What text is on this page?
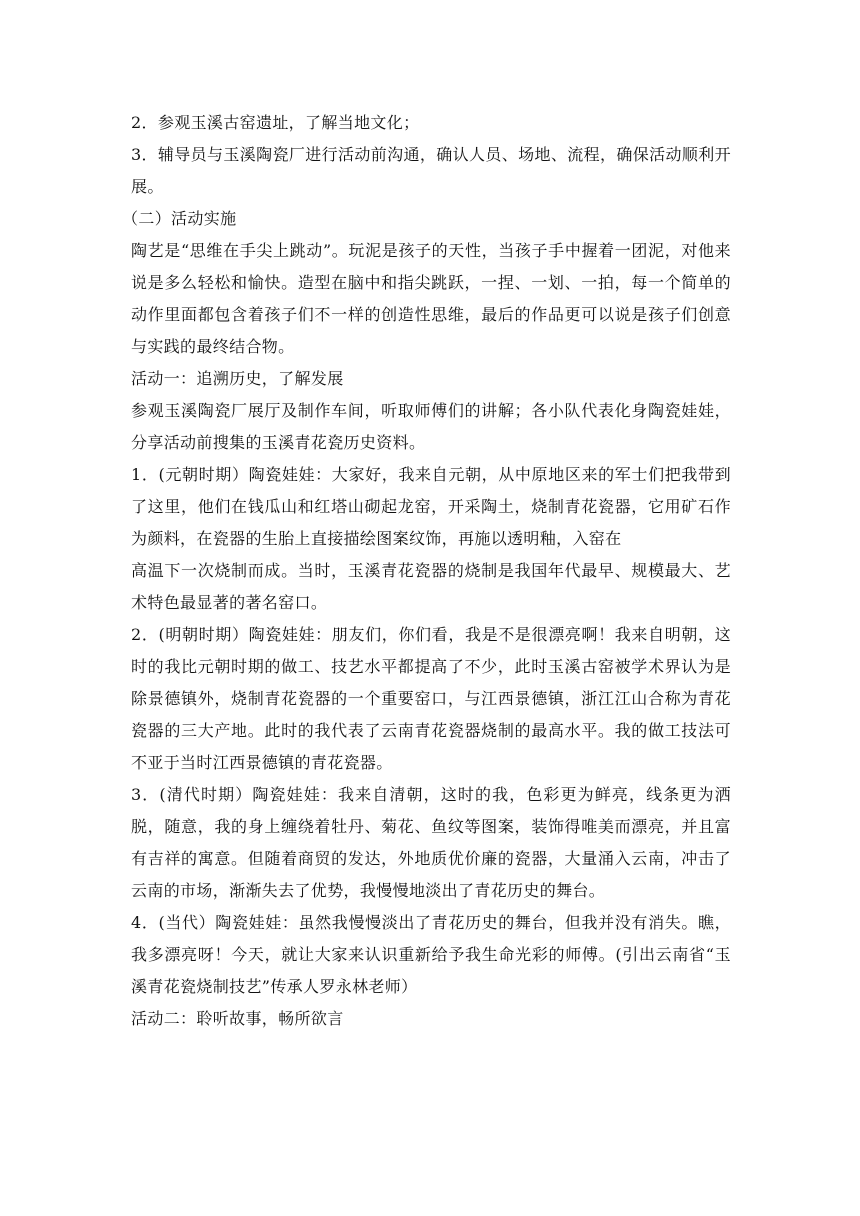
2．参观玉溪古窑遗址，了解当地文化；

3．辅导员与玉溪陶瓷厂进行活动前沟通，确认人员、场地、流程，确保活动顺利开展。

（二）活动实施

陶艺是“思维在手尖上跳动”。玩泥是孩子的天性，当孩子手中握着一团泥，对他来说是多么轻松和愉快。造型在脑中和指尖跳跃，一捏、一划、一拍，每一个简单的动作里面都包含着孩子们不一样的创造性思维，最后的作品更可以说是孩子们创意与实践的最终结合物。

活动一：追溯历史，了解发展

参观玉溪陶瓷厂展厅及制作车间，听取师傅们的讲解；各小队代表化身陶瓷娃娃，分享活动前搜集的玉溪青花瓷历史资料。

1．(元朝时期）陶瓷娃娃：大家好，我来自元朝，从中原地区来的军士们把我带到了这里，他们在钱瓜山和红塔山砌起龙窑，开采陶土，烧制青花瓷器，它用矿石作为颜料，在瓷器的生胎上直接描绘图案纹饰，再施以透明釉，入窑在

高温下一次烧制而成。当时，玉溪青花瓷器的烧制是我国年代最早、规模最大、艺术特色最显著的著名窑口。

2．(明朝时期）陶瓷娃娃：朋友们，你们看，我是不是很漂亮啊！我来自明朝，这时的我比元朝时期的做工、技艺水平都提高了不少，此时玉溪古窑被学术界认为是除景德镇外，烧制青花瓷器的一个重要窑口，与江西景德镇，浙江江山合称为青花瓷器的三大产地。此时的我代表了云南青花瓷器烧制的最高水平。我的做工技法可不亚于当时江西景德镇的青花瓷器。

3．(清代时期）陶瓷娃娃：我来自清朝，这时的我，色彩更为鲜亮，线条更为洒脱，随意，我的身上缠绕着牡丹、菊花、鱼纹等图案，装饰得唯美而漂亮，并且富有吉祥的寓意。但随着商贸的发达，外地质优价廉的瓷器，大量涌入云南，冲击了云南的市场，渐渐失去了优势，我慢慢地淡出了青花历史的舞台。

4．(当代）陶瓷娃娃：虽然我慢慢淡出了青花历史的舞台，但我并没有消失。瞧，我多漂亮呀！今天，就让大家来认识重新给予我生命光彩的师傅。(引出云南省“玉溪青花瓷烧制技艺”传承人罗永林老师）

活动二：聆听故事，畅所欲言
